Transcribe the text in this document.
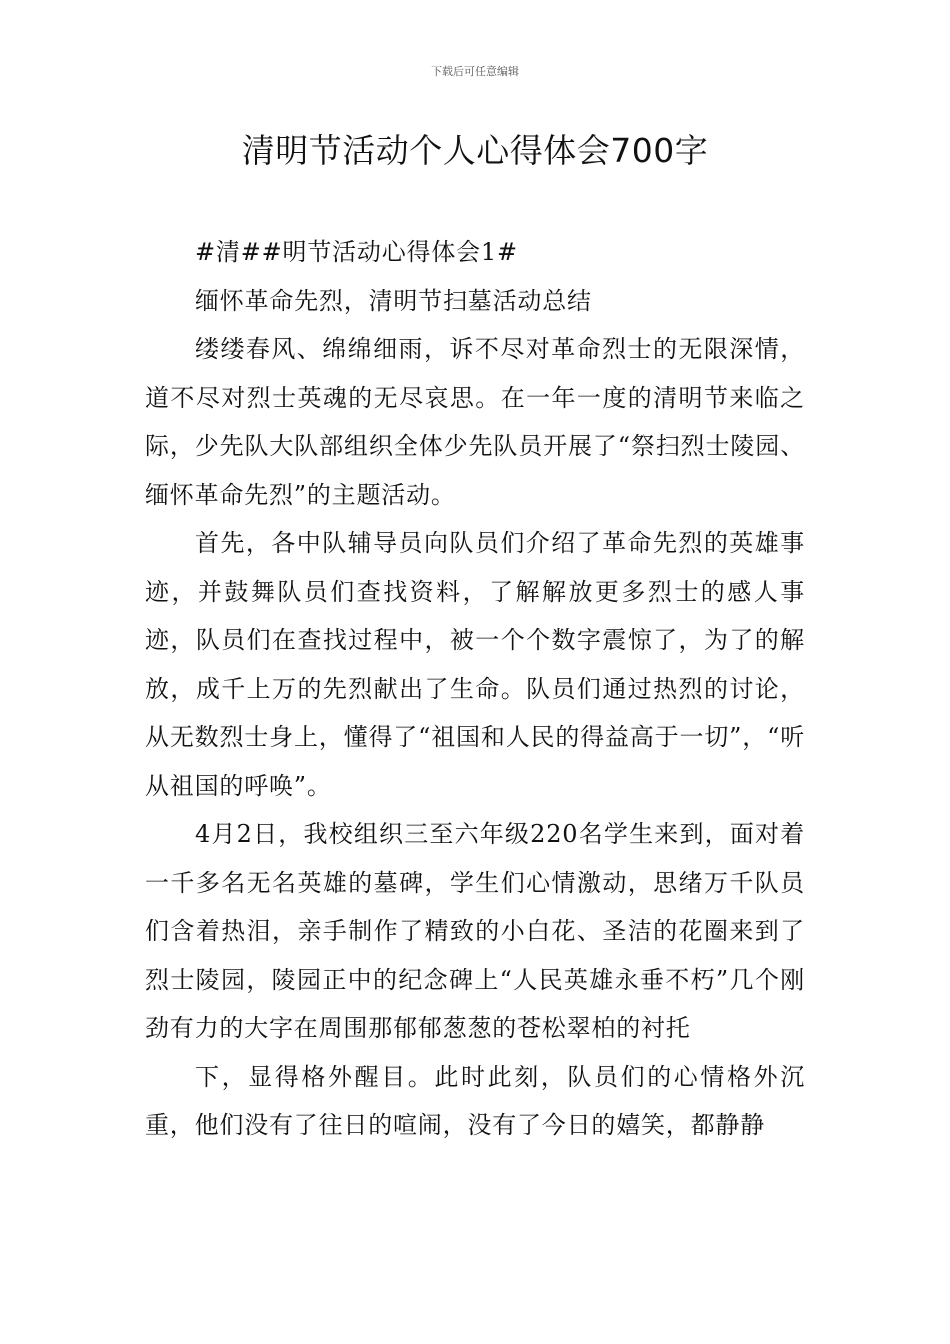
下载后可任意编辑
清明节活动个人心得体会700字

#清##明节活动心得体会1#

缅怀革命先烈，清明节扫墓活动总结

缕缕春风、绵绵细雨，诉不尽对革命烈士的无限深情，道不尽对烈士英魂的无尽哀思。在一年一度的清明节来临之际，少先队大队部组织全体少先队员开展了“祭扫烈士陵园、缅怀革命先烈”的主题活动。

首先，各中队辅导员向队员们介绍了革命先烈的英雄事迹，并鼓舞队员们查找资料，了解解放更多烈士的感人事迹，队员们在查找过程中，被一个个数字震惊了，为了的解放，成千上万的先烈献出了生命。队员们通过热烈的讨论，从无数烈士身上，懂得了“祖国和人民的得益高于一切”，“听从祖国的呼唤”。

4月2日，我校组织三至六年级220名学生来到，面对着一千多名无名英雄的墓碑，学生们心情激动，思绪万千队员们含着热泪，亲手制作了精致的小白花、圣洁的花圈来到了烈士陵园，陵园正中的纪念碑上“人民英雄永垂不朽”几个刚劲有力的大字在周围那郁郁葱葱的苍松翠柏的衬托

下，显得格外醒目。此时此刻，队员们的心情格外沉重，他们没有了往日的喧闹，没有了今日的嬉笑，都静静
